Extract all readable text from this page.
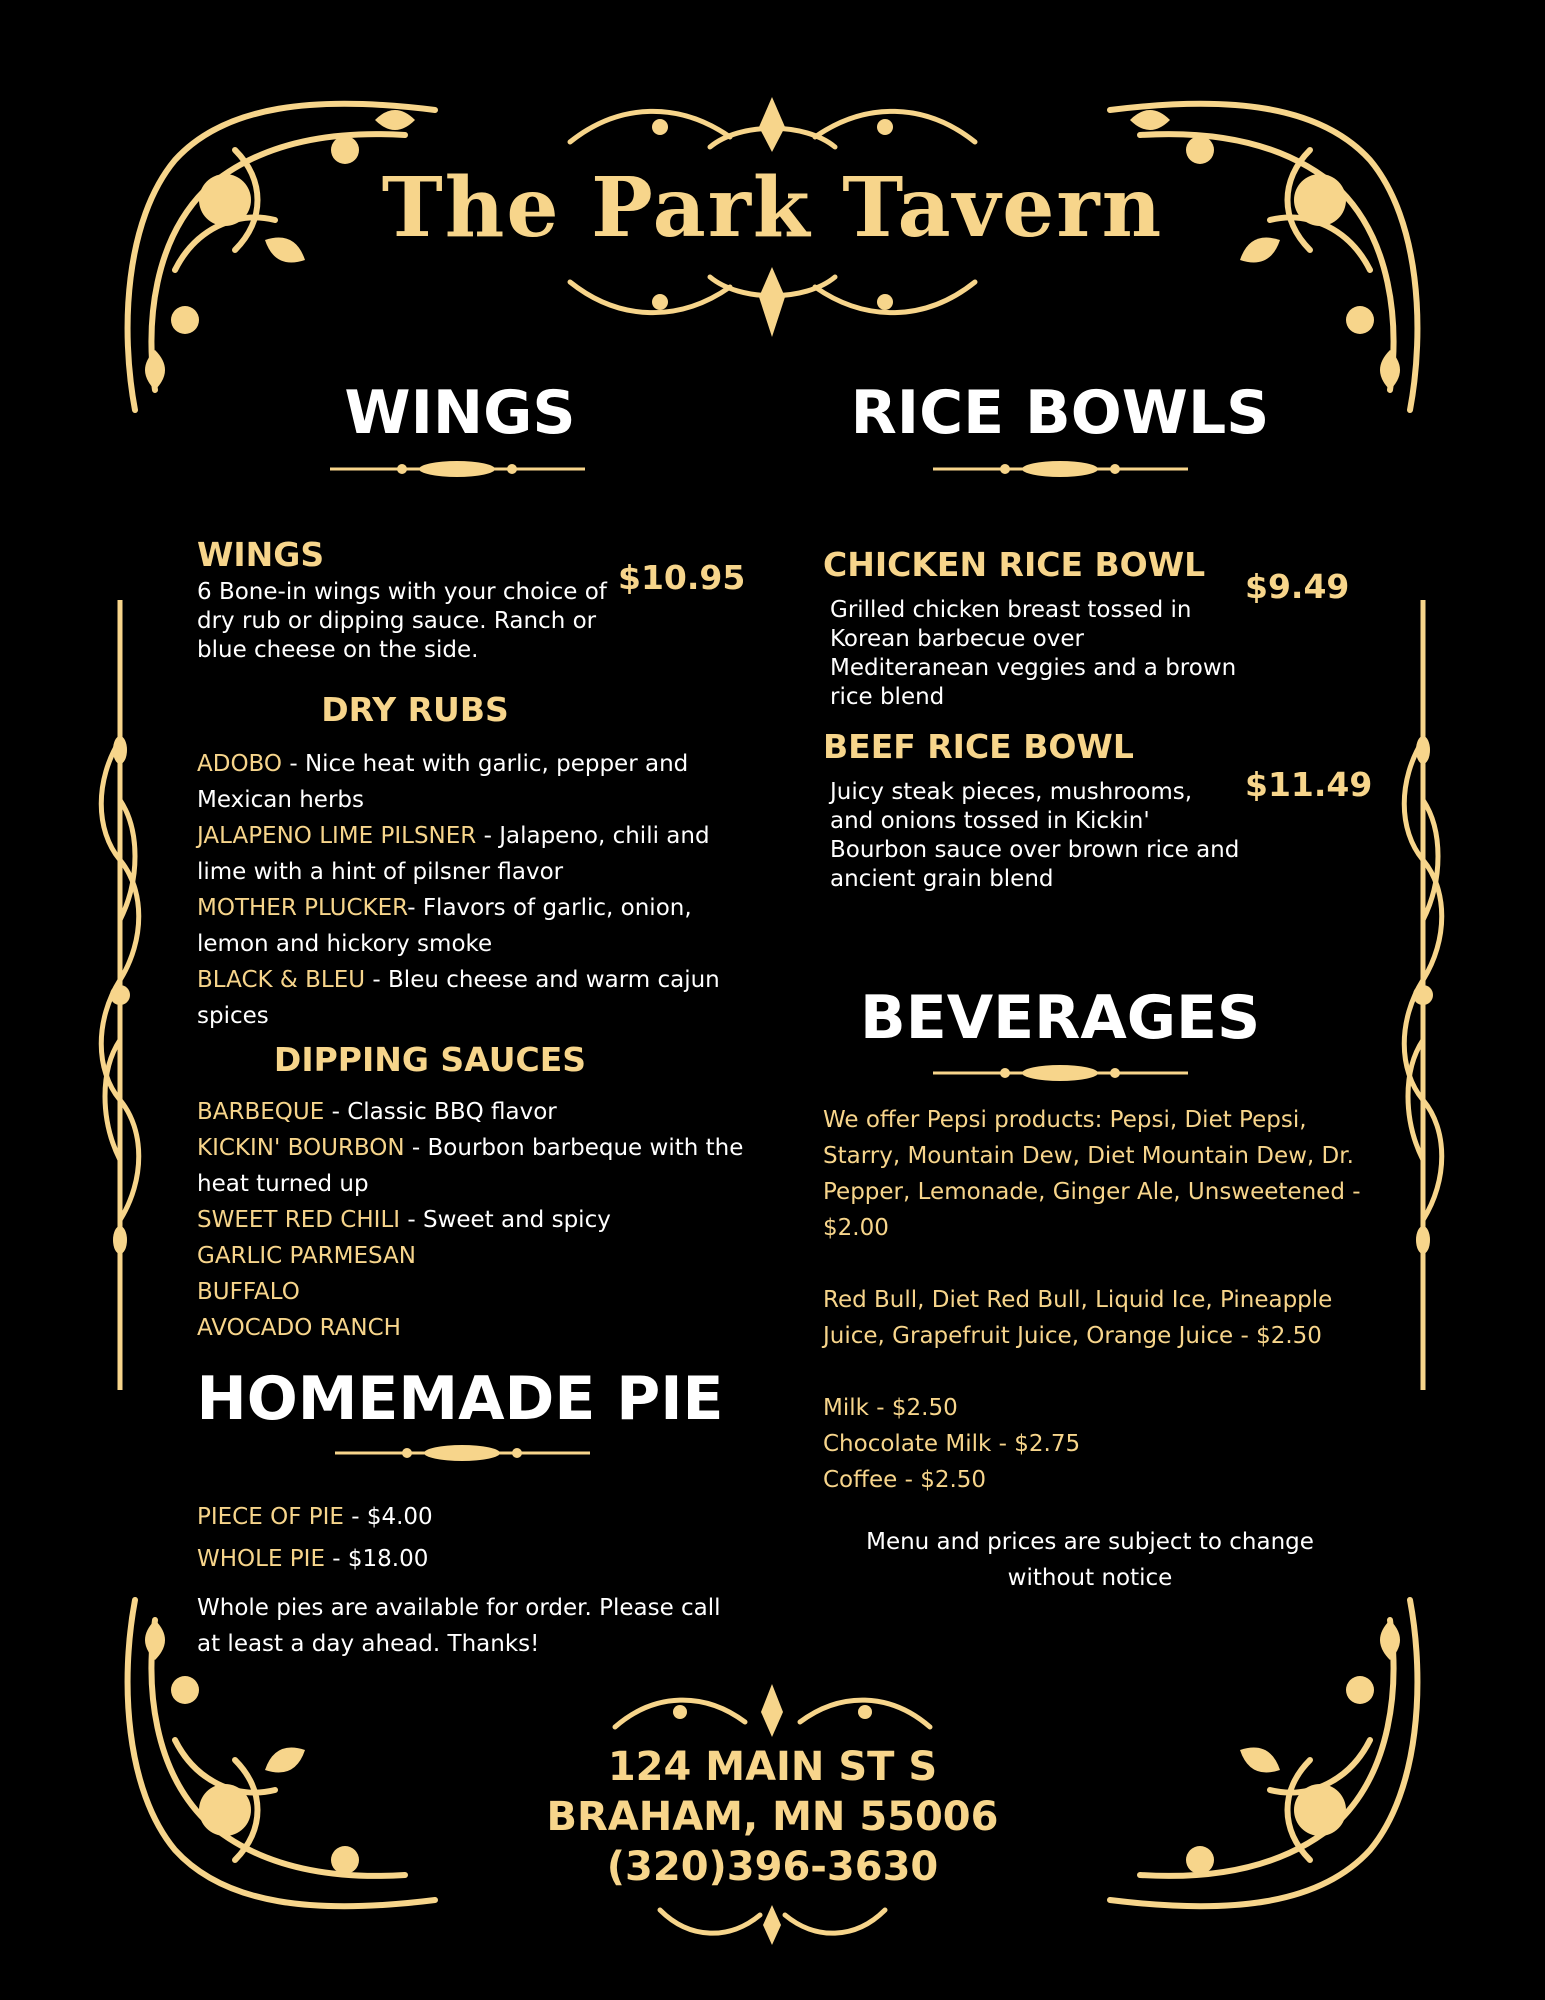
The Park Tavern
WINGS
WINGS
$10.95
6 Bone-in wings with your choice of
dry rub or dipping sauce. Ranch or
blue cheese on the side.
DRY RUBS
ADOBO - Nice heat with garlic, pepper and
Mexican herbs
JALAPENO LIME PILSNER - Jalapeno, chili and
lime with a hint of pilsner flavor
MOTHER PLUCKER- Flavors of garlic, onion,
lemon and hickory smoke
BLACK & BLEU - Bleu cheese and warm cajun
spices
DIPPING SAUCES
BARBEQUE - Classic BBQ flavor
KICKIN' BOURBON - Bourbon barbeque with the
heat turned up
SWEET RED CHILI - Sweet and spicy
GARLIC PARMESAN
BUFFALO
AVOCADO RANCH
HOMEMADE PIE
PIECE OF PIE - $4.00
WHOLE PIE - $18.00
Whole pies are available for order. Please call
at least a day ahead. Thanks!
RICE BOWLS
CHICKEN RICE BOWL
$9.49
Grilled chicken breast tossed in
Korean barbecue over
Mediteranean veggies and a brown
rice blend
BEEF RICE BOWL
$11.49
Juicy steak pieces, mushrooms,
and onions tossed in Kickin'
Bourbon sauce over brown rice and
ancient grain blend
BEVERAGES
We offer Pepsi products: Pepsi, Diet Pepsi,
Starry, Mountain Dew, Diet Mountain Dew, Dr.
Pepper, Lemonade, Ginger Ale, Unsweetened -
$2.00
Red Bull, Diet Red Bull, Liquid Ice, Pineapple
Juice, Grapefruit Juice, Orange Juice - $2.50
Milk - $2.50
Chocolate Milk - $2.75
Coffee - $2.50
Menu and prices are subject to change
without notice
124 MAIN ST S
BRAHAM, MN 55006
(320)396-3630
